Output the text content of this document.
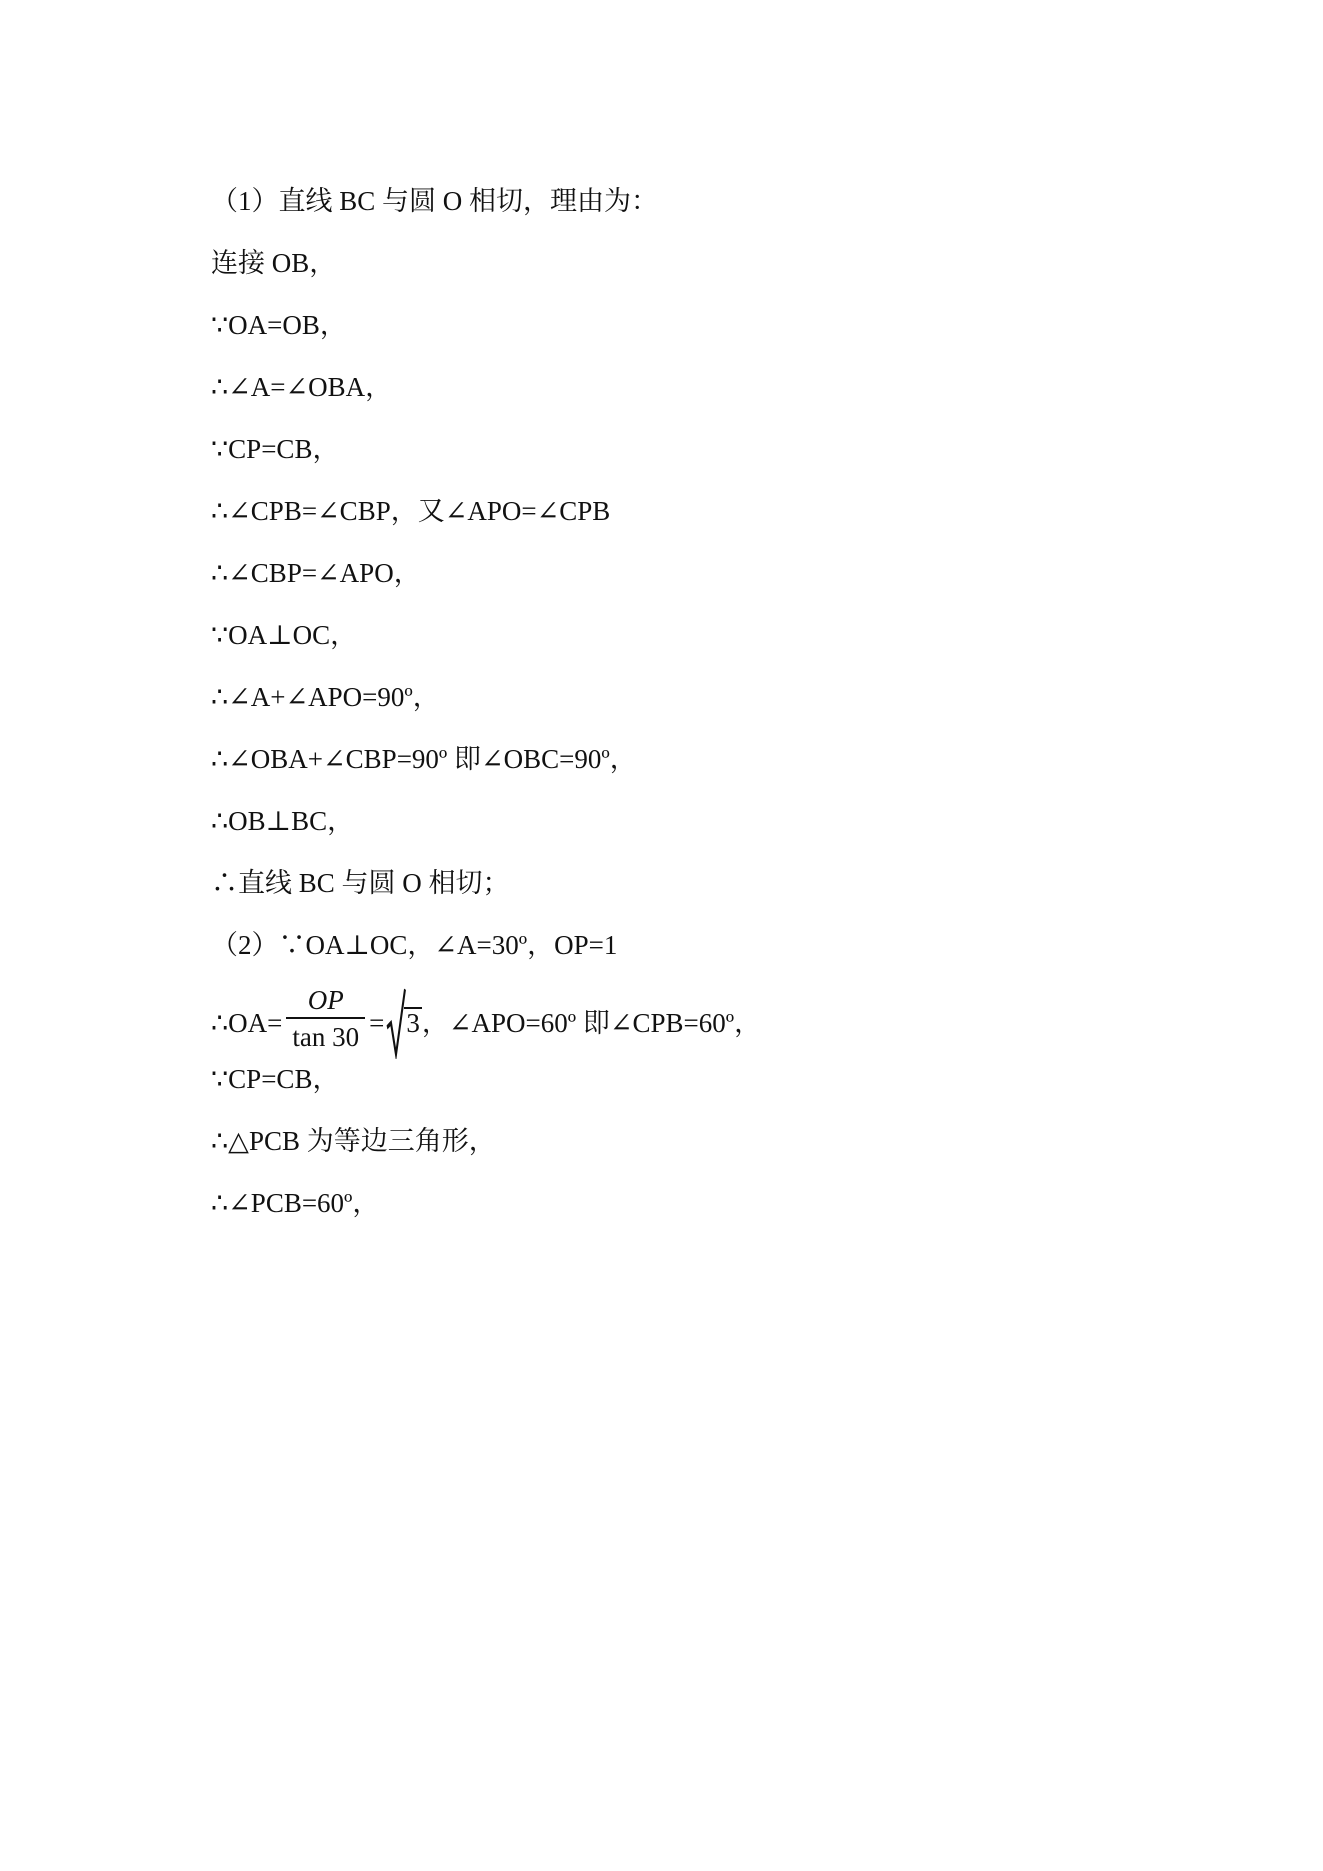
（1）直线 BC 与圆 O 相切，理由为：
连接 OB，
∵OA=OB，
∴∠A=∠OBA，
∵CP=CB，
∴∠CPB=∠CBP，又∠APO=∠CPB
∴∠CBP=∠APO，
∵OA⊥OC，
∴∠A+∠APO=90º，
∴∠OBA+∠CBP=90º 即∠OBC=90º，
∴OB⊥BC，
∴直线 BC 与圆 O 相切；
（2）∵OA⊥OC，∠A=30º，OP=1
∴OA= $\frac{OP}{\tan 30} = 3$，∠APO=60º 即∠CPB=60º，
∵CP=CB，
∴△PCB 为等边三角形，
∴∠PCB=60º，
